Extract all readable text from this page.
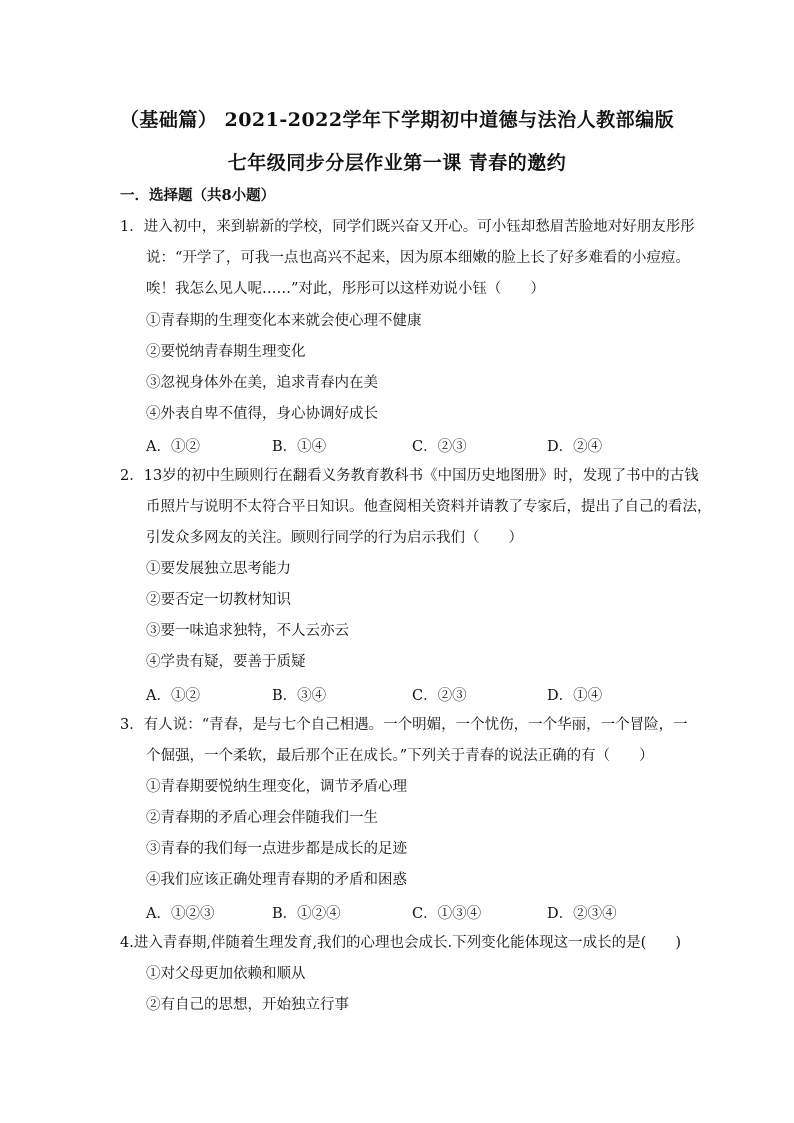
（基础篇） 2021-2022学年下学期初中道德与法治人教部编版
七年级同步分层作业第一课 青春的邀约
一．选择题（共8小题）
1．进入初中，来到崭新的学校，同学们既兴奋又开心。可小钰却愁眉苦脸地对好朋友彤彤
说：“开学了，可我一点也高兴不起来，因为原本细嫩的脸上长了好多难看的小痘痘。
唉！我怎么见人呢……”对此，彤彤可以这样劝说小钰（　　）
①青春期的生理变化本来就会使心理不健康
②要悦纳青春期生理变化
③忽视身体外在美，追求青春内在美
④外表自卑不值得，身心协调好成长
A．①②	B．①④	C．②③	D．②④
2．13岁的初中生顾则行在翻看义务教育教科书《中国历史地图册》时，发现了书中的古钱
币照片与说明不太符合平日知识。他查阅相关资料并请教了专家后，提出了自己的看法，
引发众多网友的关注。顾则行同学的行为启示我们（　　）
①要发展独立思考能力
②要否定一切教材知识
③要一味追求独特，不人云亦云
④学贵有疑，要善于质疑
A．①②	B．③④	C．②③	D．①④
3．有人说：“青春，是与七个自己相遇。一个明媚，一个忧伤，一个华丽，一个冒险，一
个倔强，一个柔软，最后那个正在成长。”下列关于青春的说法正确的有（　　）
①青春期要悦纳生理变化，调节矛盾心理
②青春期的矛盾心理会伴随我们一生
③青春的我们每一点进步都是成长的足迹
④我们应该正确处理青春期的矛盾和困惑
A．①②③	B．①②④	C．①③④	D．②③④
4.进入青春期,伴随着生理发育,我们的心理也会成长.下列变化能体现这一成长的是(　　)
①对父母更加依赖和顺从
②有自己的思想，开始独立行事
